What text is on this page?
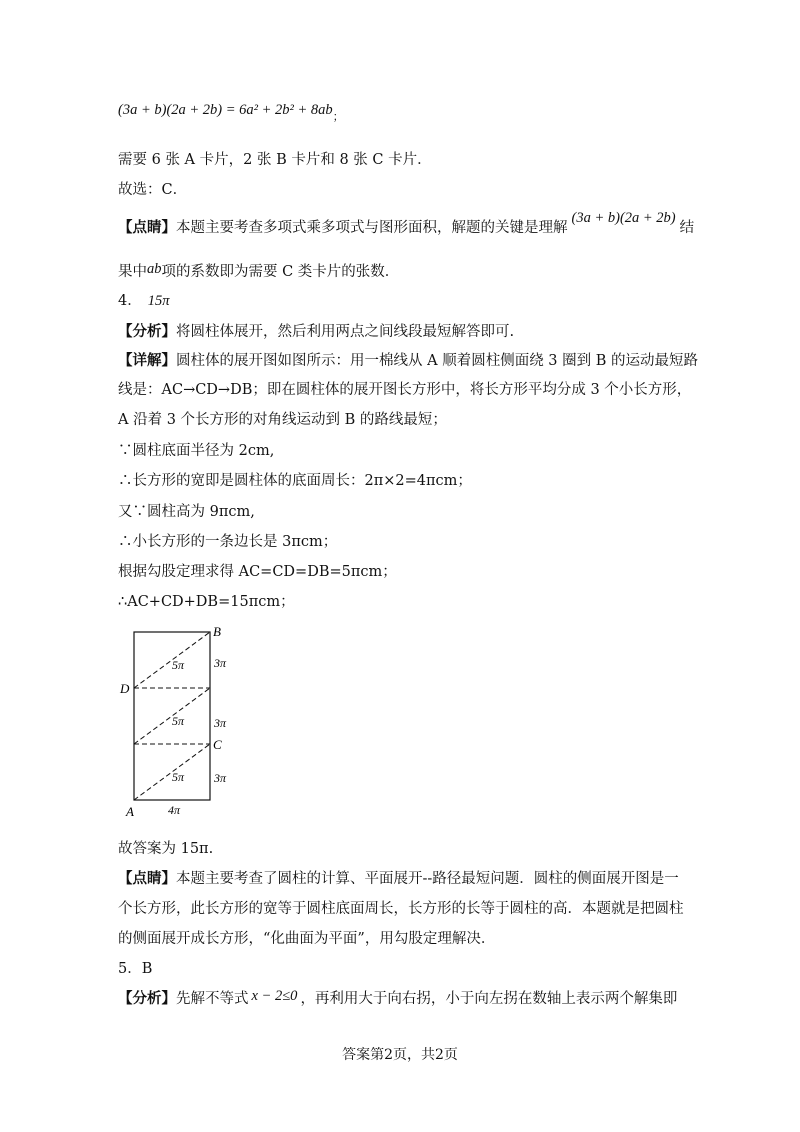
$(3a + b)(2a + 2b) = 6a^2 + 2b^2 + 8ab_;$
需要 6 张 A 卡片，2 张 B 卡片和 8 张 C 卡片．
故选：C．
【点睛】本题主要考查多项式乘多项式与图形面积，解题的关键是理解(3a + b)(2a + 2b)结
果中ab项的系数即为需要 C 类卡片的张数．
4． 15π
【分析】将圆柱体展开，然后利用两点之间线段最短解答即可.
【详解】圆柱体的展开图如图所示：用一棉线从 A 顺着圆柱侧面绕 3 圈到 B 的运动最短路
线是：AC→CD→DB；即在圆柱体的展开图长方形中，将长方形平均分成 3 个小长方形，
A 沿着 3 个长方形的对角线运动到 B 的路线最短；
∵圆柱底面半径为 2cm,
∴长方形的宽即是圆柱体的底面周长：2π×2=4πcm；
又∵圆柱高为 9πcm,
∴小长方形的一条边长是 3πcm；
根据勾股定理求得 AC=CD=DB=5πcm；
∴AC+CD+DB=15πcm；
B
C
D
A
5π
5π
5π
3π
3π
3π
4π
故答案为 15π.
【点睛】本题主要考查了圆柱的计算、平面展开--路径最短问题．圆柱的侧面展开图是一
个长方形，此长方形的宽等于圆柱底面周长，长方形的长等于圆柱的高．本题就是把圆柱
的侧面展开成长方形，“化曲面为平面”，用勾股定理解决．
5．B
【分析】先解不等式 x − 2≤0 ，再利用大于向右拐，小于向左拐在数轴上表示两个解集即
答案第2页，共2页
